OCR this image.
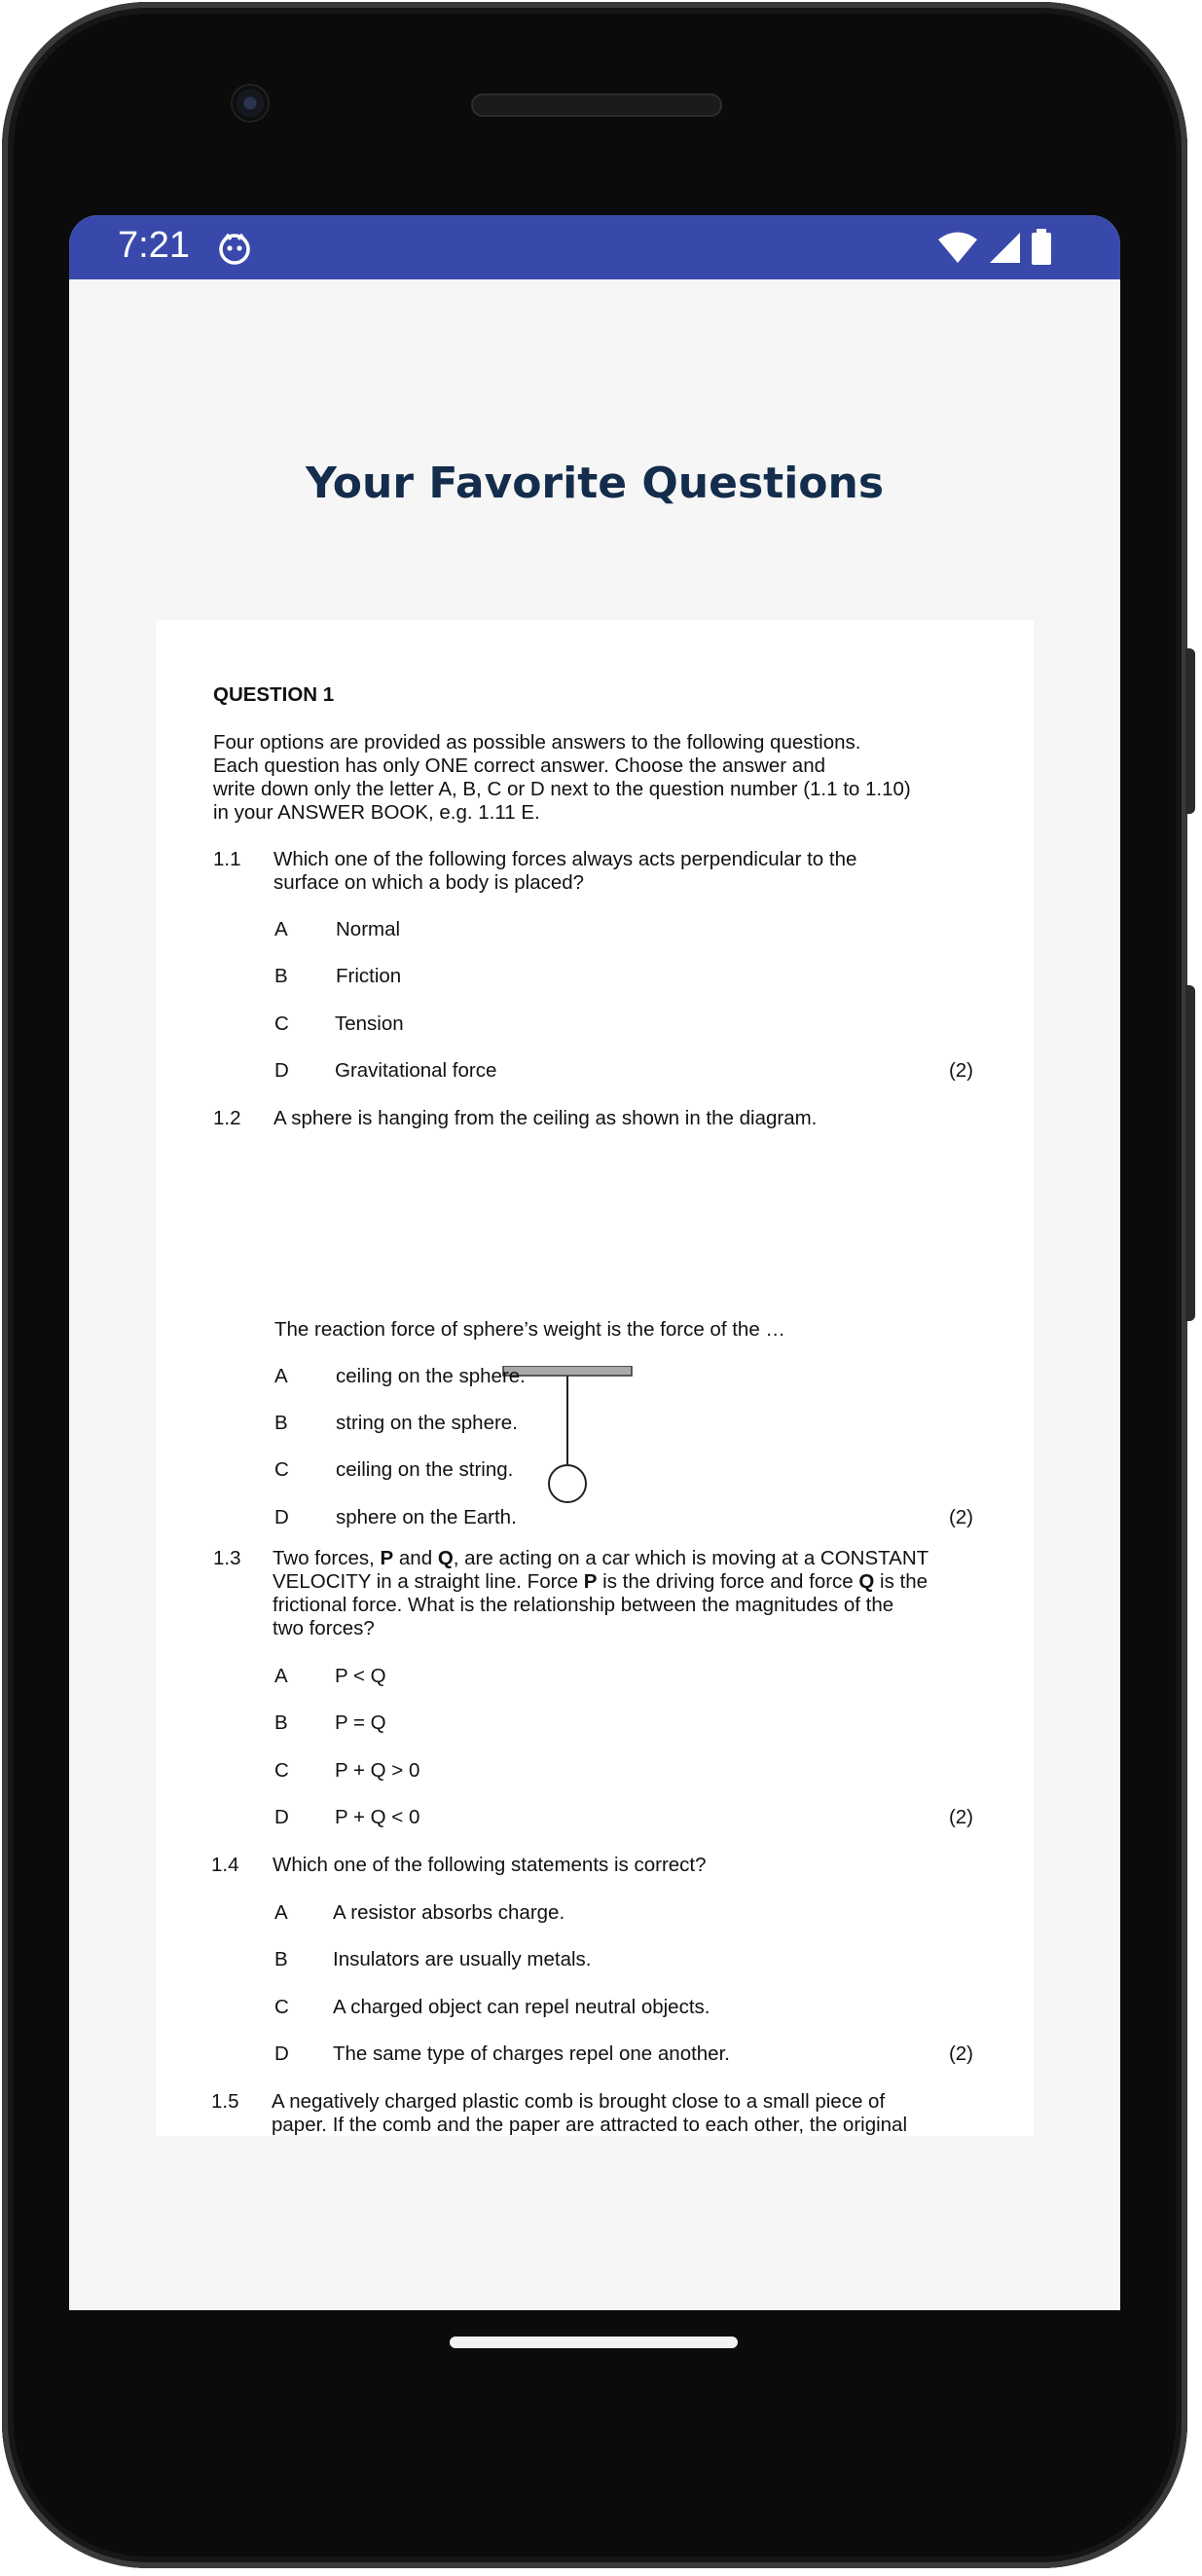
7:21
Your Favorite Questions
QUESTION 1
Four options are provided as possible answers to the following questions.
Each question has only ONE correct answer. Choose the answer and
write down only the letter A, B, C or D next to the question number (1.1 to 1.10)
in your ANSWER BOOK, e.g. 1.11 E.
1.1 Which one of the following forces always acts perpendicular to the
surface on which a body is placed?
A Normal
B Friction
C Tension
D Gravitational force	(2)
1.2 A sphere is hanging from the ceiling as shown in the diagram.
The reaction force of sphere’s weight is the force of the …
A ceiling on the sphere.
B string on the sphere.
C ceiling on the string.
D sphere on the Earth.	(2)
1.3 Two forces, P and Q, are acting on a car which is moving at a CONSTANT
VELOCITY in a straight line. Force P is the driving force and force Q is the
frictional force. What is the relationship between the magnitudes of the
two forces?
A P < Q
B P = Q
C P + Q > 0
D P + Q < 0	(2)
1.4 Which one of the following statements is correct?
A A resistor absorbs charge.
B Insulators are usually metals.
C A charged object can repel neutral objects.
D The same type of charges repel one another.	(2)
1.5 A negatively charged plastic comb is brought close to a small piece of
paper. If the comb and the paper are attracted to each other, the original
